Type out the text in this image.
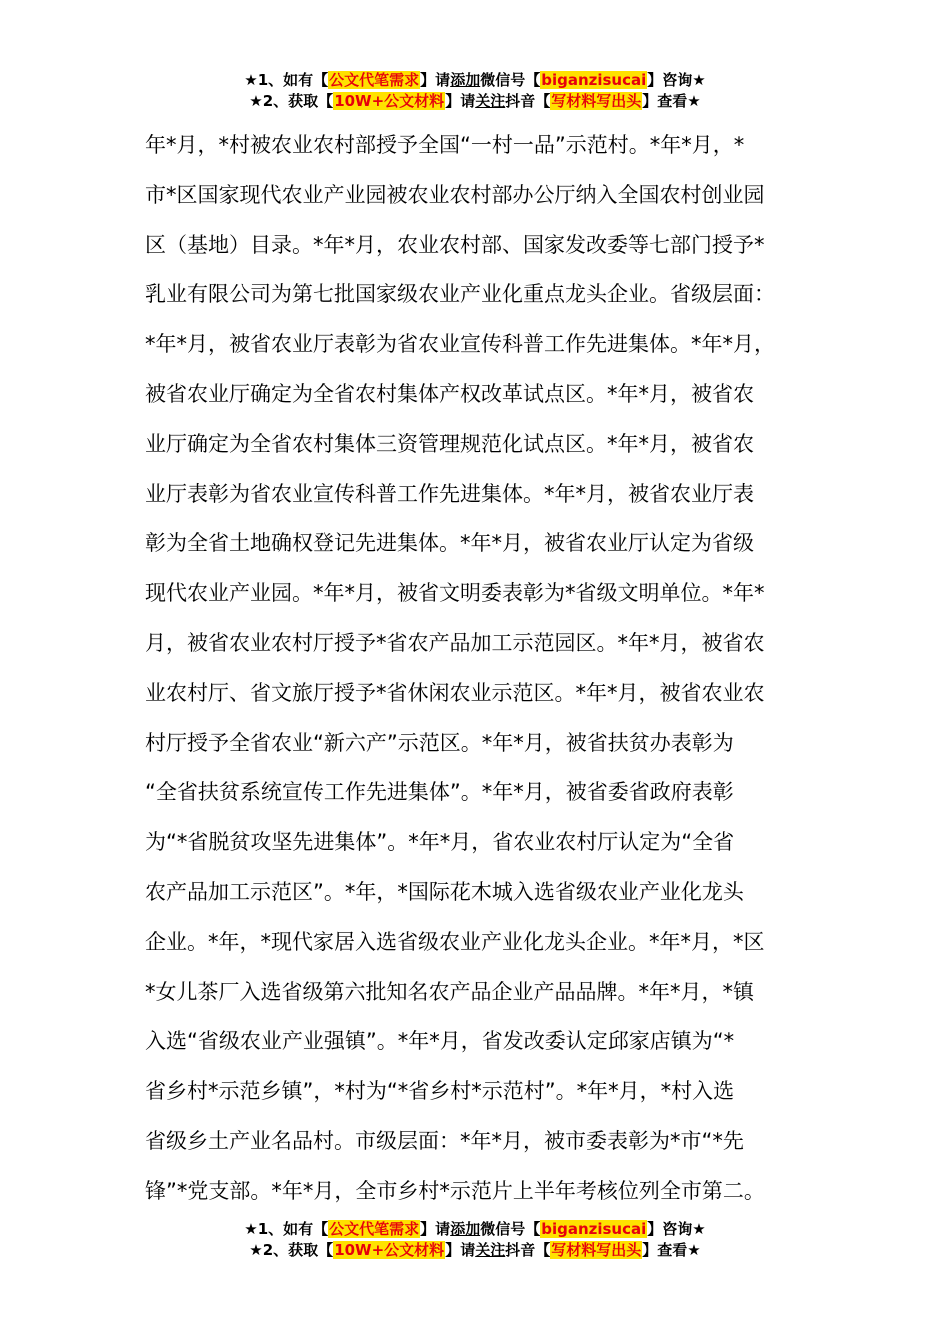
★1、如有【公文代笔需求】请添加微信号【biganzisucai】咨询★
★2、获取【10W+公文材料】请关注抖音【写材料写出头】查看★
年*月，*村被农业农村部授予全国“一村一品”示范村。*年*月，*
市*区国家现代农业产业园被农业农村部办公厅纳入全国农村创业园
区（基地）目录。*年*月，农业农村部、国家发改委等七部门授予*
乳业有限公司为第七批国家级农业产业化重点龙头企业。省级层面：
*年*月，被省农业厅表彰为省农业宣传科普工作先进集体。*年*月，
被省农业厅确定为全省农村集体产权改革试点区。*年*月，被省农
业厅确定为全省农村集体三资管理规范化试点区。*年*月，被省农
业厅表彰为省农业宣传科普工作先进集体。*年*月，被省农业厅表
彰为全省土地确权登记先进集体。*年*月，被省农业厅认定为省级
现代农业产业园。*年*月，被省文明委表彰为*省级文明单位。*年*
月，被省农业农村厅授予*省农产品加工示范园区。*年*月，被省农
业农村厅、省文旅厅授予*省休闲农业示范区。*年*月，被省农业农
村厅授予全省农业“新六产”示范区。*年*月，被省扶贫办表彰为
“全省扶贫系统宣传工作先进集体”。*年*月，被省委省政府表彰
为“*省脱贫攻坚先进集体”。*年*月，省农业农村厅认定为“全省
农产品加工示范区”。*年，*国际花木城入选省级农业产业化龙头
企业。*年，*现代家居入选省级农业产业化龙头企业。*年*月，*区
*女儿茶厂入选省级第六批知名农产品企业产品品牌。*年*月，*镇
入选“省级农业产业强镇”。*年*月，省发改委认定邱家店镇为“*
省乡村*示范乡镇”，*村为“*省乡村*示范村”。*年*月，*村入选
省级乡土产业名品村。市级层面：*年*月，被市委表彰为*市“*先
锋”*党支部。*年*月，全市乡村*示范片上半年考核位列全市第二。
★1、如有【公文代笔需求】请添加微信号【biganzisucai】咨询★
★2、获取【10W+公文材料】请关注抖音【写材料写出头】查看★
